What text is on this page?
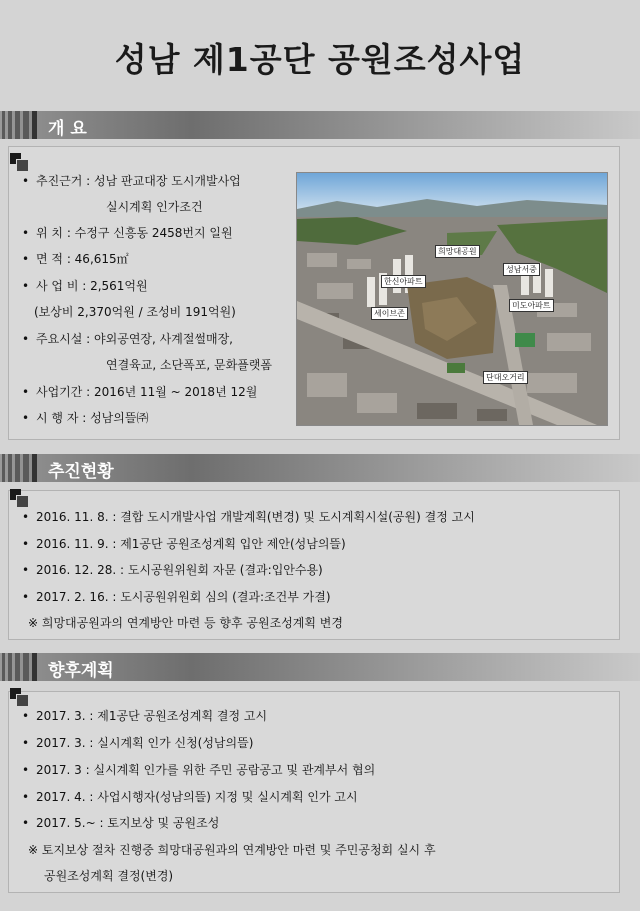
성남 제1공단 공원조성사업
개 요
• 추진근거 : 성남 판교대장 도시개발사업
실시계획 인가조건
• 위 치 : 수정구 신흥동 2458번지 일원
• 면 적 : 46,615㎡
• 사 업 비 : 2,561억원
(보상비 2,370억원 / 조성비 191억원)
• 주요시설 : 야외공연장, 사계절썰매장,
연결육교, 소단폭포, 문화플랫폼
• 사업기간 : 2016년 11월 ~ 2018년 12월
• 시 행 자 : 성남의뜰㈜
희망대공원
성남서중
한신아파트
세이브존
미도아파트
단대오거리
추진현황
• 2016. 11. 8. : 결합 도시개발사업 개발계획(변경) 및 도시계획시설(공원) 결정 고시
• 2016. 11. 9. : 제1공단 공원조성계획 입안 제안(성남의뜰)
• 2016. 12. 28. : 도시공원위원회 자문 (결과:입안수용)
• 2017. 2. 16. : 도시공원위원회 심의 (결과:조건부 가결)
※ 희망대공원과의 연계방안 마련 등 향후 공원조성계획 변경
향후계획
• 2017. 3. : 제1공단 공원조성계획 결정 고시
• 2017. 3. : 실시계획 인가 신청(성남의뜰)
• 2017. 3 : 실시계획 인가를 위한 주민 공람공고 및 관계부서 협의
• 2017. 4. : 사업시행자(성남의뜰) 지정 및 실시계획 인가 고시
• 2017. 5.~ : 토지보상 및 공원조성
※ 토지보상 절차 진행중 희망대공원과의 연계방안 마련 및 주민공청회 실시 후
공원조성계획 결정(변경)
